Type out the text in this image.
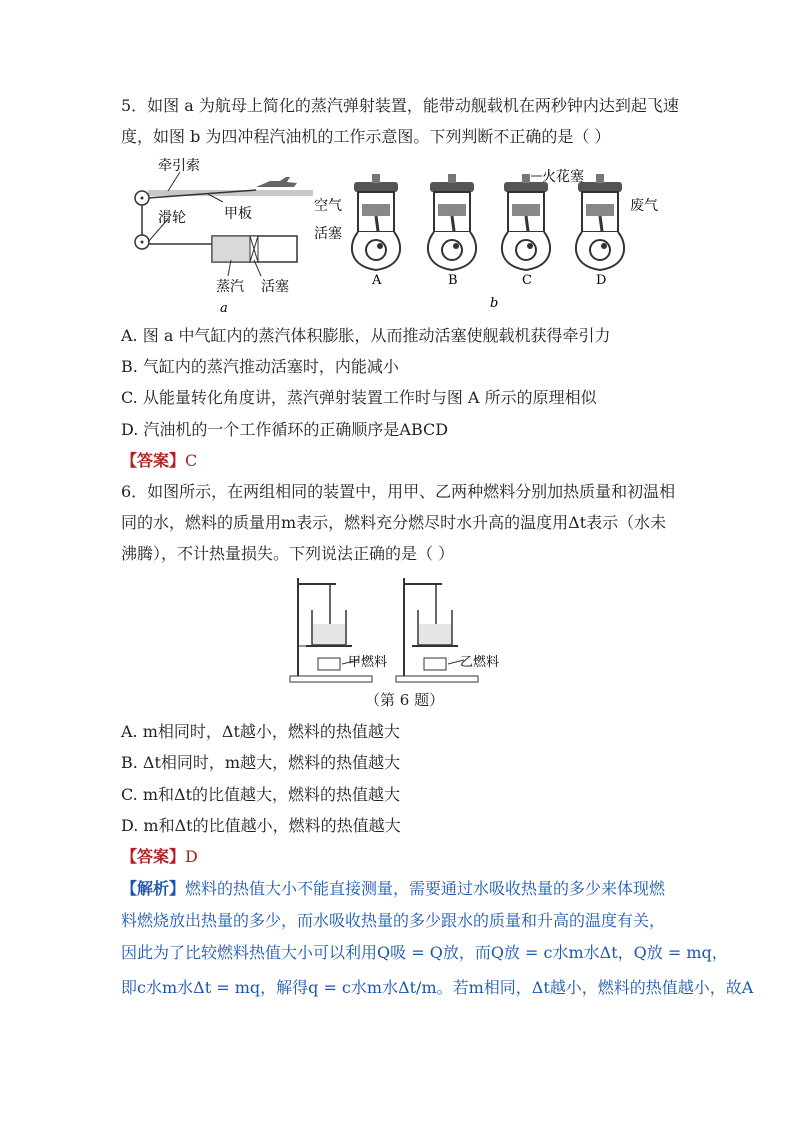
5．如图 a 为航母上简化的蒸汽弹射装置，能带动舰载机在两秒钟内达到起飞速
度，如图 b 为四冲程汽油机的工作示意图。下列判断不正确的是（ ）
牵引索
滑轮	甲板
蒸汽 活塞
a
火花塞
空气
活塞
废气
A	B	C	D
b
A. 图 a 中气缸内的蒸汽体积膨胀，从而推动活塞使舰载机获得牵引力
B. 气缸内的蒸汽推动活塞时，内能减小
C. 从能量转化角度讲，蒸汽弹射装置工作时与图 A 所示的原理相似
D. 汽油机的一个工作循环的正确顺序是ABCD
【答案】C
6．如图所示，在两组相同的装置中，用甲、乙两种燃料分别加热质量和初温相
同的水，燃料的质量用m表示，燃料充分燃尽时水升高的温度用Δt表示（水未
沸腾），不计热量损失。下列说法正确的是（ ）
甲燃料	乙燃料
（第 6 题）
A. m相同时，Δt越小，燃料的热值越大
B. Δt相同时，m越大，燃料的热值越大
C. m和Δt的比值越大，燃料的热值越大
D. m和Δt的比值越小，燃料的热值越大
【答案】D
【解析】燃料的热值大小不能直接测量，需要通过水吸收热量的多少来体现燃
料燃烧放出热量的多少，而水吸收热量的多少跟水的质量和升高的温度有关，
因此为了比较燃料热值大小可以利用Q吸 = Q放，而Q放 = c水m水Δt，Q放 = mq，
即c水m水Δt = mq，解得q = c水m水Δt/m。若m相同，Δt越小，燃料的热值越小，故A
